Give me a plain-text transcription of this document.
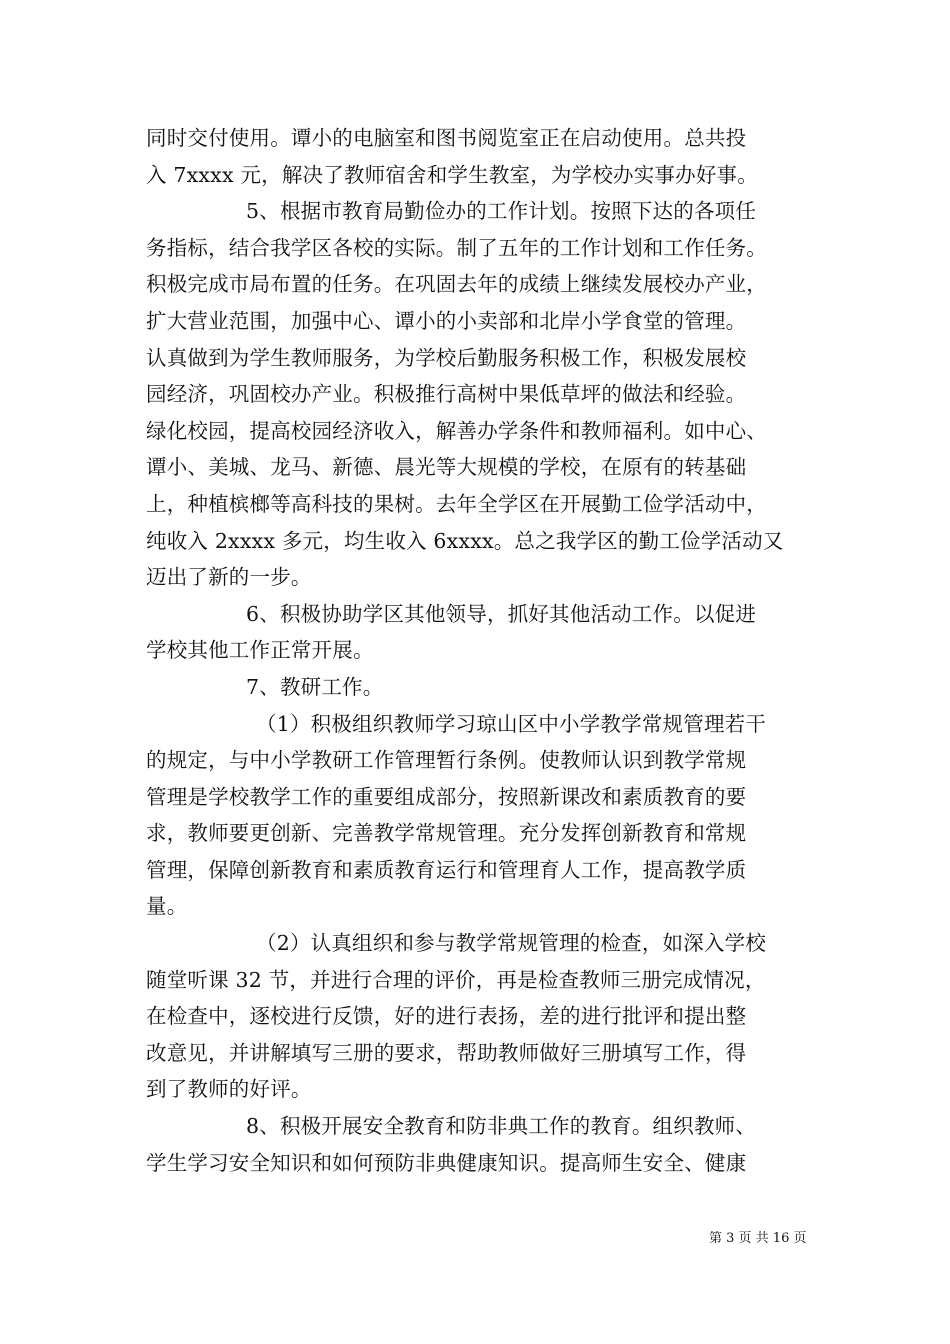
同时交付使用。谭小的电脑室和图书阅览室正在启动使用。总共投
入 7xxxx 元，解决了教师宿舍和学生教室，为学校办实事办好事。
5、根据市教育局勤俭办的工作计划。按照下达的各项任
务指标，结合我学区各校的实际。制了五年的工作计划和工作任务。
积极完成市局布置的任务。在巩固去年的成绩上继续发展校办产业，
扩大营业范围，加强中心、谭小的小卖部和北岸小学食堂的管理。
认真做到为学生教师服务，为学校后勤服务积极工作，积极发展校
园经济，巩固校办产业。积极推行高树中果低草坪的做法和经验。
绿化校园，提高校园经济收入，解善办学条件和教师福利。如中心、
谭小、美城、龙马、新德、晨光等大规模的学校，在原有的转基础
上，种植槟榔等高科技的果树。去年全学区在开展勤工俭学活动中，
纯收入 2xxxx 多元，均生收入 6xxxx。总之我学区的勤工俭学活动又
迈出了新的一步。
6、积极协助学区其他领导，抓好其他活动工作。以促进
学校其他工作正常开展。
7、教研工作。
（1）积极组织教师学习琼山区中小学教学常规管理若干
的规定，与中小学教研工作管理暂行条例。使教师认识到教学常规
管理是学校教学工作的重要组成部分，按照新课改和素质教育的要
求，教师要更创新、完善教学常规管理。充分发挥创新教育和常规
管理，保障创新教育和素质教育运行和管理育人工作，提高教学质
量。
（2）认真组织和参与教学常规管理的检查，如深入学校
随堂听课 32 节，并进行合理的评价，再是检查教师三册完成情况，
在检查中，逐校进行反馈，好的进行表扬，差的进行批评和提出整
改意见，并讲解填写三册的要求，帮助教师做好三册填写工作，得
到了教师的好评。
8、积极开展安全教育和防非典工作的教育。组织教师、
学生学习安全知识和如何预防非典健康知识。提高师生安全、健康
第 3 页 共 16 页
